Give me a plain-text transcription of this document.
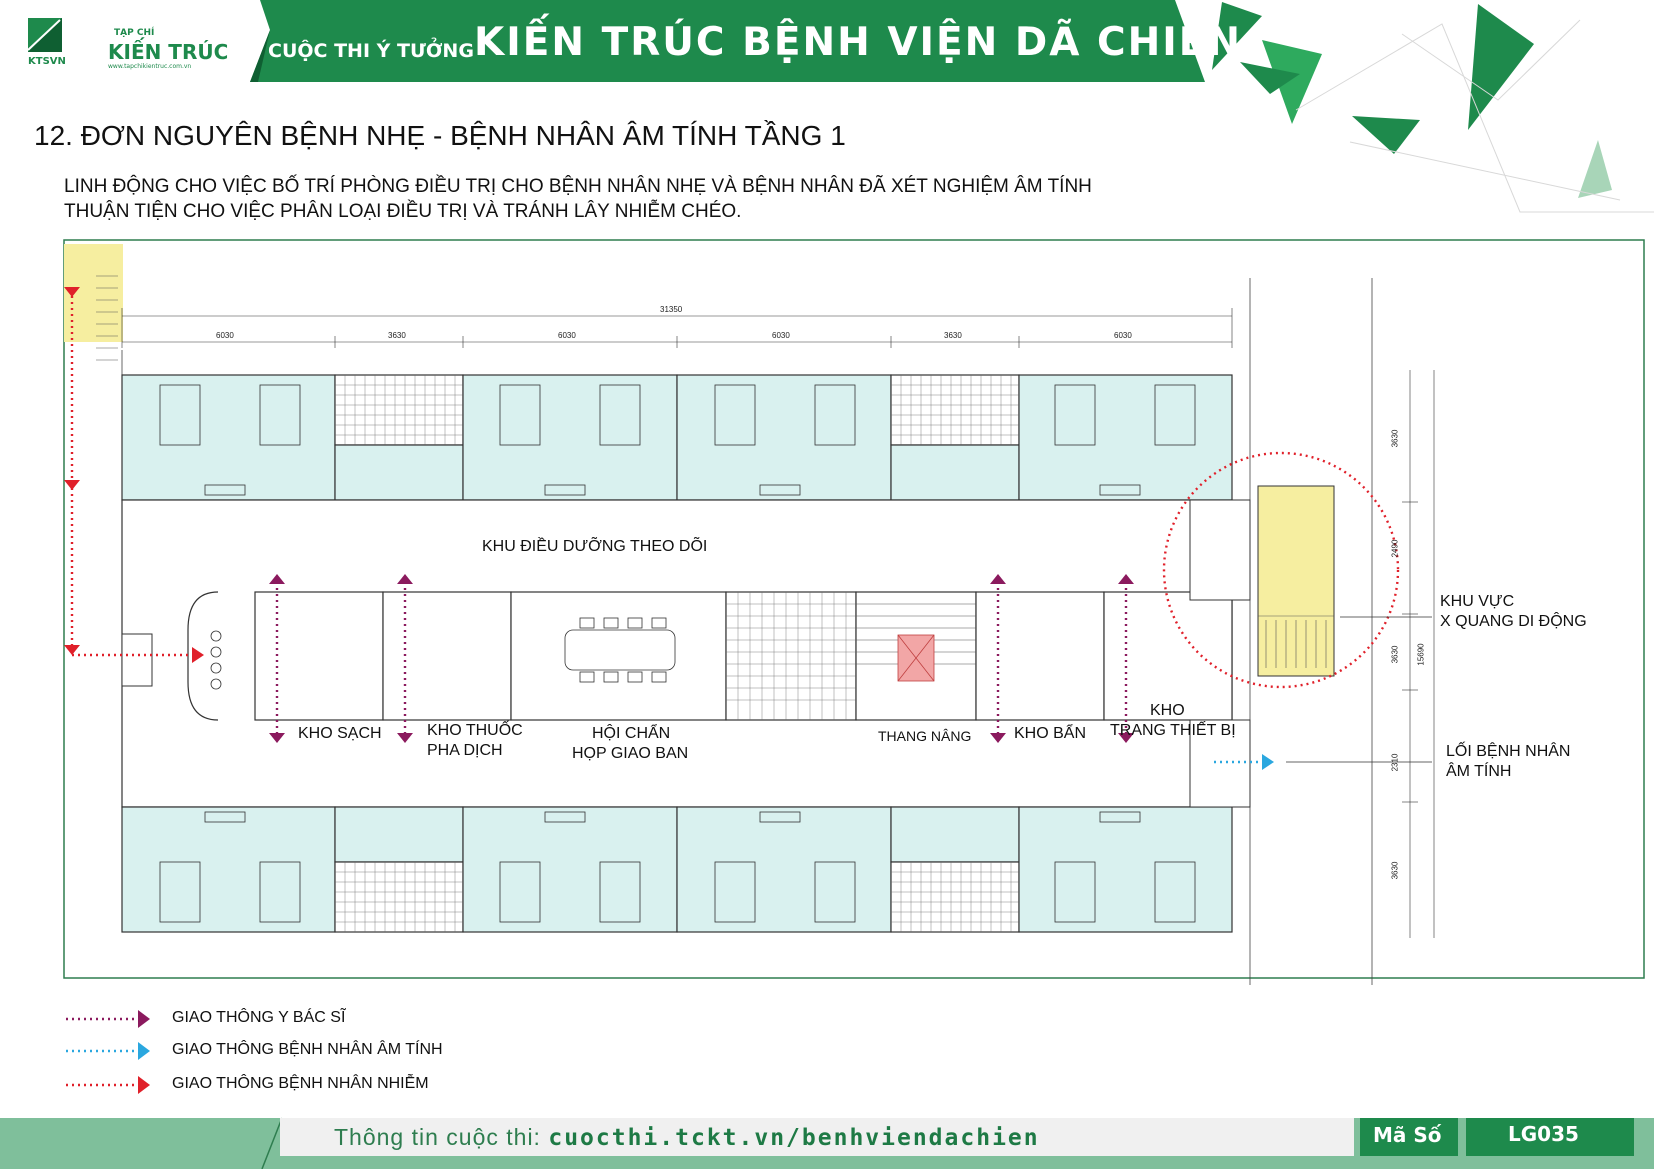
KTSVN
TẠP CHÍ
KIẾN TRÚC
www.tapchikientruc.com.vn
CUỘC THI Ý TƯỞNG KIẾN TRÚC BỆNH VIỆN DÃ CHIẾN
12. ĐƠN NGUYÊN BỆNH NHẸ - BỆNH NHÂN ÂM TÍNH TẦNG 1
LINH ĐỘNG CHO VIỆC BỐ TRÍ PHÒNG ĐIỀU TRỊ CHO BỆNH NHÂN NHẸ VÀ BỆNH NHÂN ĐÃ XÉT NGHIỆM ÂM TÍNH
THUẬN TIỆN CHO VIỆC PHÂN LOẠI ĐIỀU TRỊ VÀ TRÁNH LÂY NHIỄM CHÉO.
31350
6030	3630	6030	6030	3630	6030
3630
2490
3630
2310
3630
15690
KHU ĐIỀU DƯỠNG THEO DÕI
KHO SẠCH	KHO THUỐC
PHA DỊCH
HỘI CHẨN
HỌP GIAO BAN
THANG NÂNG	KHO BẨN
KHO
TRANG THIẾT BỊ
KHU VỰC
X QUANG DI ĐỘNG
LỐI BỆNH NHÂN
ÂM TÍNH
GIAO THÔNG Y BÁC SĨ
GIAO THÔNG BỆNH NHÂN ÂM TÍNH
GIAO THÔNG BỆNH NHÂN NHIỄM
Thông tin cuộc thi: cuocthi.tckt.vn/benhviendachien	Mã Số	LG035
